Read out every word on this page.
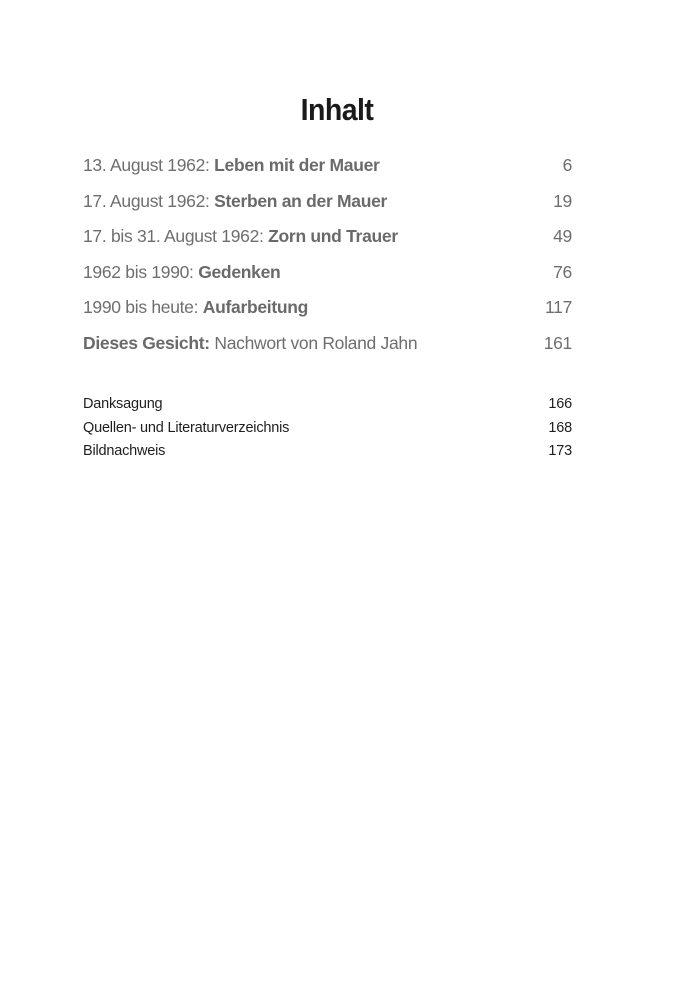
Inhalt
13. August 1962: Leben mit der Mauer	6
17. August 1962: Sterben an der Mauer	19
17. bis 31. August 1962: Zorn und Trauer	49
1962 bis 1990: Gedenken	76
1990 bis heute: Aufarbeitung	117
Dieses Gesicht: Nachwort von Roland Jahn	161
Danksagung	166
Quellen- und Literaturverzeichnis	168
Bildnachweis	173
